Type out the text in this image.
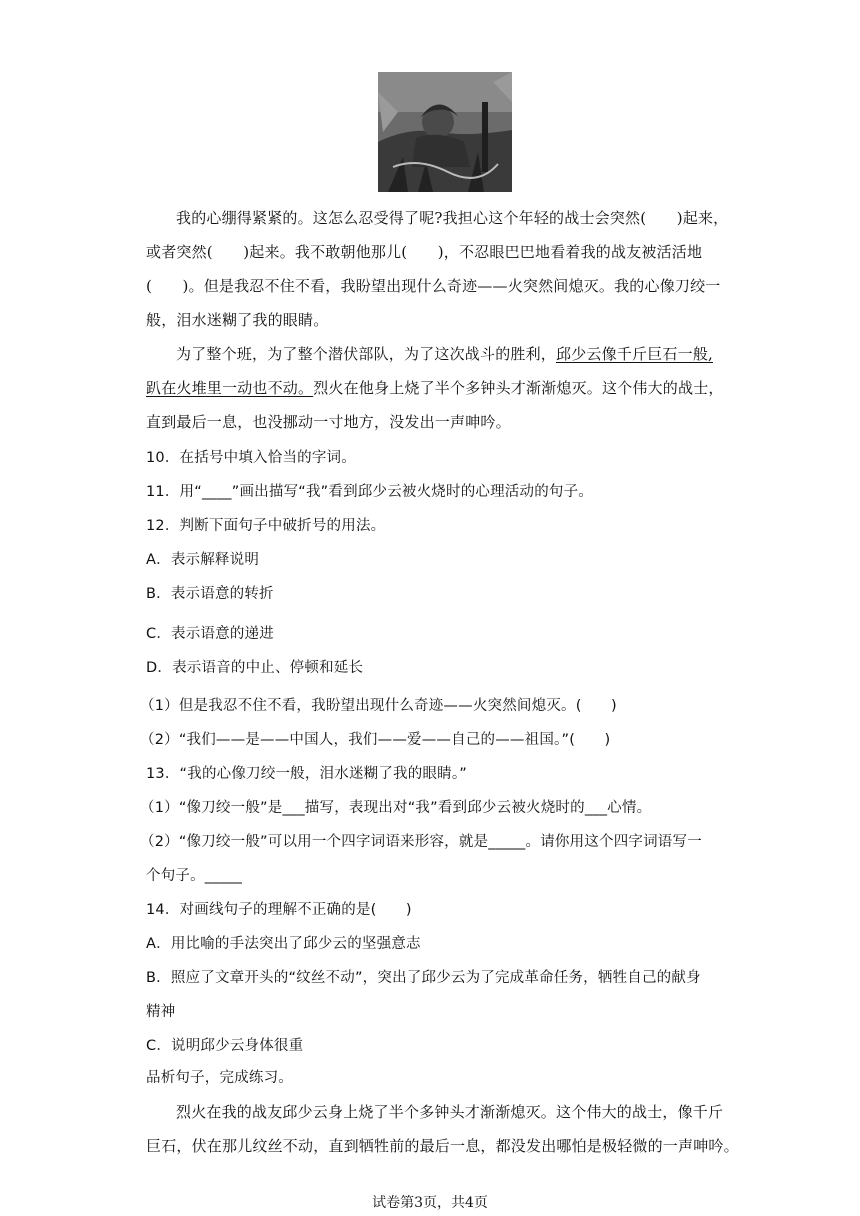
我的心绷得紧紧的。这怎么忍受得了呢?我担心这个年轻的战士会突然(　　)起来，
或者突然(　　)起来。我不敢朝他那儿(　　)，不忍眼巴巴地看着我的战友被活活地
(　　)。但是我忍不住不看，我盼望出现什么奇迹——火突然间熄灭。我的心像刀绞一
般，泪水迷糊了我的眼睛。
为了整个班，为了整个潜伏部队，为了这次战斗的胜利，邱少云像千斤巨石一般,
趴在火堆里一动也不动。烈火在他身上烧了半个多钟头才渐渐熄灭。这个伟大的战士，
直到最后一息，也没挪动一寸地方，没发出一声呻吟。
10．在括号中填入恰当的字词。
11．用“____”画出描写“我”看到邱少云被火烧时的心理活动的句子。
12．判断下面句子中破折号的用法。
A．表示解释说明
B．表示语意的转折
C．表示语意的递进
D．表示语音的中止、停顿和延长
（1）但是我忍不住不看，我盼望出现什么奇迹——火突然间熄灭。(　　)
（2）“我们——是——中国人，我们——爱——自己的——祖国。”(　　)
13．“我的心像刀绞一般，泪水迷糊了我的眼睛。”
（1）“像刀绞一般”是___描写，表现出对“我”看到邱少云被火烧时的___心情。
（2）“像刀绞一般”可以用一个四字词语来形容，就是_____。请你用这个四字词语写一
个句子。_____
14．对画线句子的理解不正确的是(　　)
A．用比喻的手法突出了邱少云的坚强意志
B．照应了文章开头的“纹丝不动”，突出了邱少云为了完成革命任务，牺牲自己的献身
精神
C．说明邱少云身体很重
品析句子，完成练习。
烈火在我的战友邱少云身上烧了半个多钟头才渐渐熄灭。这个伟大的战士，像千斤
巨石，伏在那儿纹丝不动，直到牺牲前的最后一息，都没发出哪怕是极轻微的一声呻吟。
试卷第3页，共4页
